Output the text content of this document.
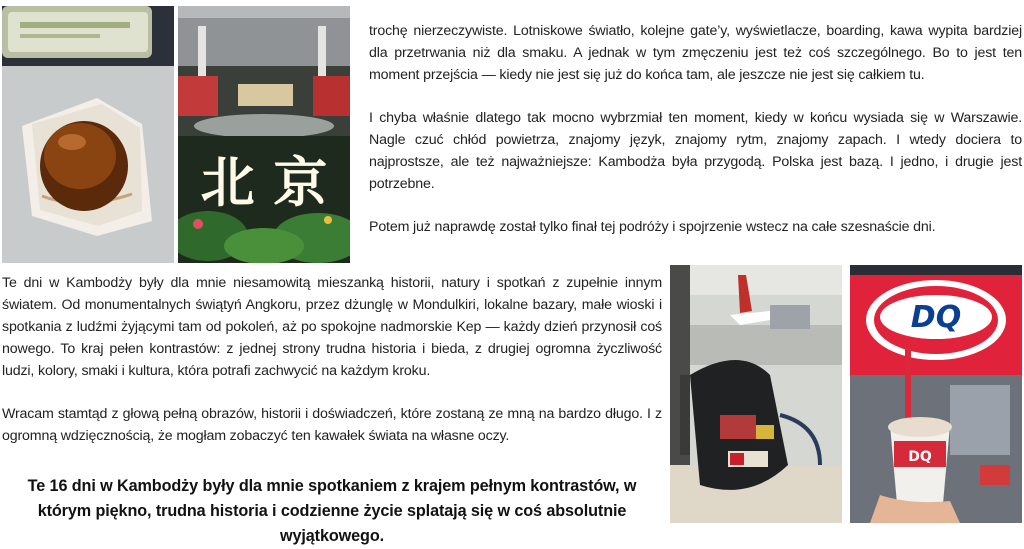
北 京
DQ
DQ

trochę nierzeczywiste. Lotniskowe światło, kolejne gate’y, wyświetlacze, boarding, kawa wypita bardziej dla przetrwania niż dla smaku. A jednak w tym zmęczeniu jest też coś szczególnego. Bo to jest ten moment przejścia — kiedy nie jest się już do końca tam, ale jeszcze nie jest się całkiem tu.

I chyba właśnie dlatego tak mocno wybrzmiał ten moment, kiedy w końcu wysiada się w Warszawie. Nagle czuć chłód powietrza, znajomy język, znajomy rytm, znajomy zapach. I wtedy dociera to najprostsze, ale też najważniejsze: Kambodża była przygodą. Polska jest bazą. I jedno, i drugie jest potrzebne.

Potem już naprawdę został tylko finał tej podróży i spojrzenie wstecz na całe szesnaście dni.

Te dni w Kambodży były dla mnie niesamowitą mieszanką historii, natury i spotkań z zupełnie innym światem. Od monumentalnych świątyń Angkoru, przez dżunglę w Mondulkiri, lokalne bazary, małe wioski i spotkania z ludźmi żyjącymi tam od pokoleń, aż po spokojne nadmorskie Kep — każdy dzień przynosił coś nowego. To kraj pełen kontrastów: z jednej strony trudna historia i bieda, z drugiej ogromna życzliwość ludzi, kolory, smaki i kultura, która potrafi zachwycić na każdym kroku.

Wracam stamtąd z głową pełną obrazów, historii i doświadczeń, które zostaną ze mną na bardzo długo. I z ogromną wdzięcznością, że mogłam zobaczyć ten kawałek świata na własne oczy.

Te 16 dni w Kambodży były dla mnie spotkaniem z krajem pełnym kontrastów, w którym piękno, trudna historia i codzienne życie splatają się w coś absolutnie wyjątkowego.
